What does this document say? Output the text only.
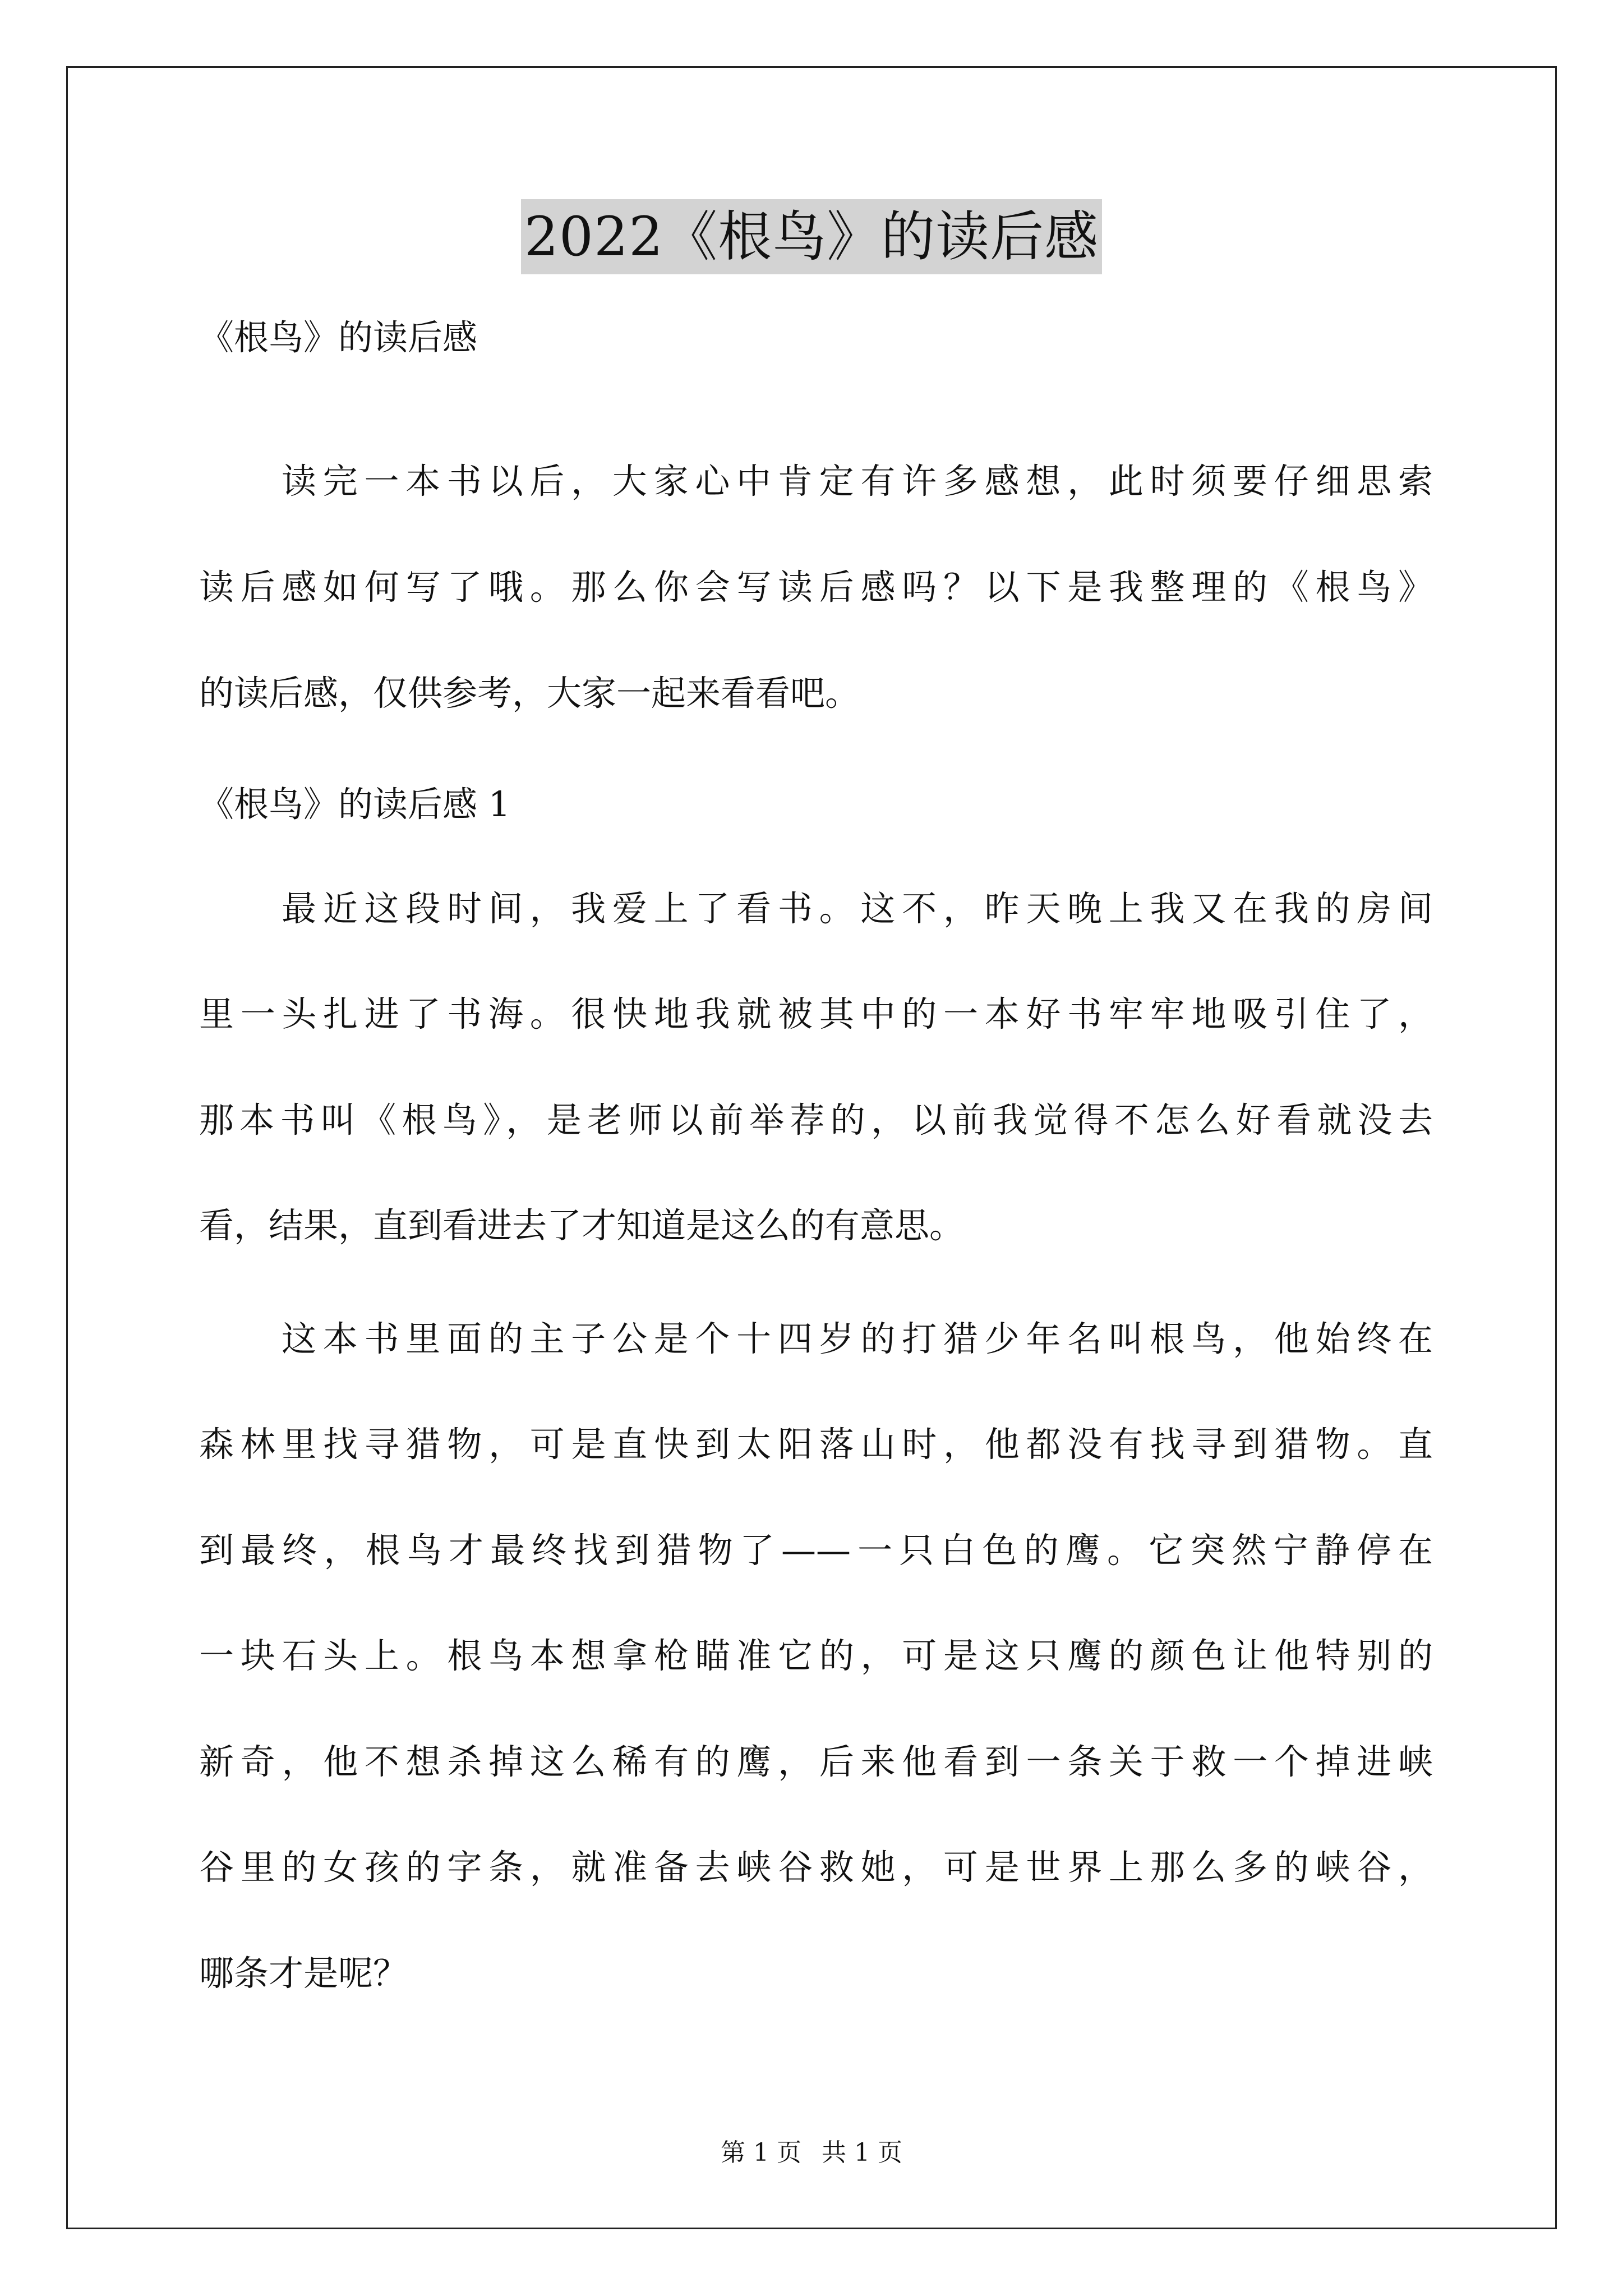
2022《根鸟》的读后感
《根鸟》的读后感
读完一本书以后，大家心中肯定有许多感想，此时须要仔细思索
读后感如何写了哦。那么你会写读后感吗？以下是我整理的《根鸟》
的读后感，仅供参考，大家一起来看看吧。
《根鸟》的读后感 1
最近这段时间，我爱上了看书。这不，昨天晚上我又在我的房间
里一头扎进了书海。很快地我就被其中的一本好书牢牢地吸引住了，
那本书叫《根鸟》，是老师以前举荐的，以前我觉得不怎么好看就没去
看，结果，直到看进去了才知道是这么的有意思。
这本书里面的主子公是个十四岁的打猎少年名叫根鸟，他始终在
森林里找寻猎物，可是直快到太阳落山时，他都没有找寻到猎物。直
到最终，根鸟才最终找到猎物了——一只白色的鹰。它突然宁静停在
一块石头上。根鸟本想拿枪瞄准它的，可是这只鹰的颜色让他特别的
新奇，他不想杀掉这么稀有的鹰，后来他看到一条关于救一个掉进峡
谷里的女孩的字条，就准备去峡谷救她，可是世界上那么多的峡谷，
哪条才是呢？
第 1 页 共 1 页
